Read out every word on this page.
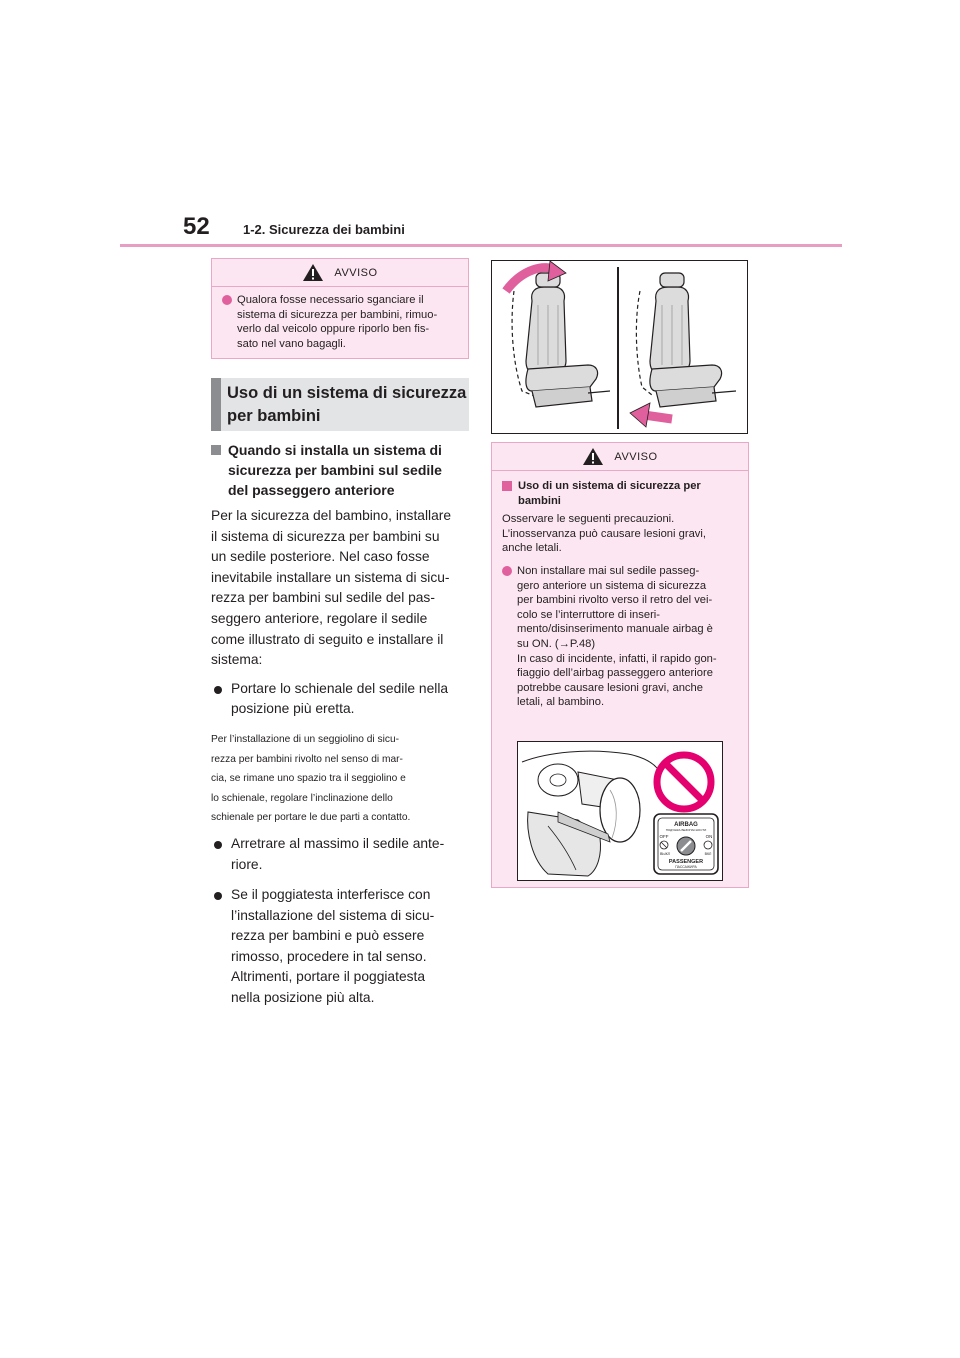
52	1-2. Sicurezza dei bambini
AVVISO
Qualora fosse necessario sganciare il
sistema di sicurezza per bambini, rimuo-
verlo dal veicolo oppure riporlo ben fis-
sato nel vano bagagli.
Uso di un sistema di sicurezza
per bambini
Quando si installa un sistema di
sicurezza per bambini sul sedile
del passeggero anteriore
Per la sicurezza del bambino, installare
il sistema di sicurezza per bambini su
un sedile posteriore. Nel caso fosse
inevitabile installare un sistema di sicu-
rezza per bambini sul sedile del pas-
seggero anteriore, regolare il sedile
come illustrato di seguito e installare il
sistema:
Portare lo schienale del sedile nella
posizione più eretta.
Per l’installazione di un seggiolino di sicu-
rezza per bambini rivolto nel senso di mar-
cia, se rimane uno spazio tra il seggiolino e
lo schienale, regolare l’inclinazione dello
schienale per portare le due parti a contatto.
Arretrare al massimo il sedile ante-
riore.
Se il poggiatesta interferisce con
l’installazione del sistema di sicu-
rezza per bambini e può essere
rimosso, procedere in tal senso.
Altrimenti, portare il poggiatesta
nella posizione più alta.
AVVISO
Uso di un sistema di sicurezza per
bambini
Osservare le seguenti precauzioni.
L’inosservanza può causare lesioni gravi,
anche letali.
Non installare mai sul sedile passeg-
gero anteriore un sistema di sicurezza
per bambini rivolto verso il retro del vei-
colo se l’interruttore di inseri-
mento/disinserimento manuale airbag è
su ON. (→P.48)
In caso di incidente, infatti, il rapido gon-
fiaggio dell’airbag passeggero anteriore
potrebbe causare lesioni gravi, anche
letali, al bambino.
AIRBAG
ПОДУШКА БЕЗОПАСНОСТИ
OFF	ON
ВЫКЛ	ВКЛ
PASSENGER
ПАССАЖИРА
